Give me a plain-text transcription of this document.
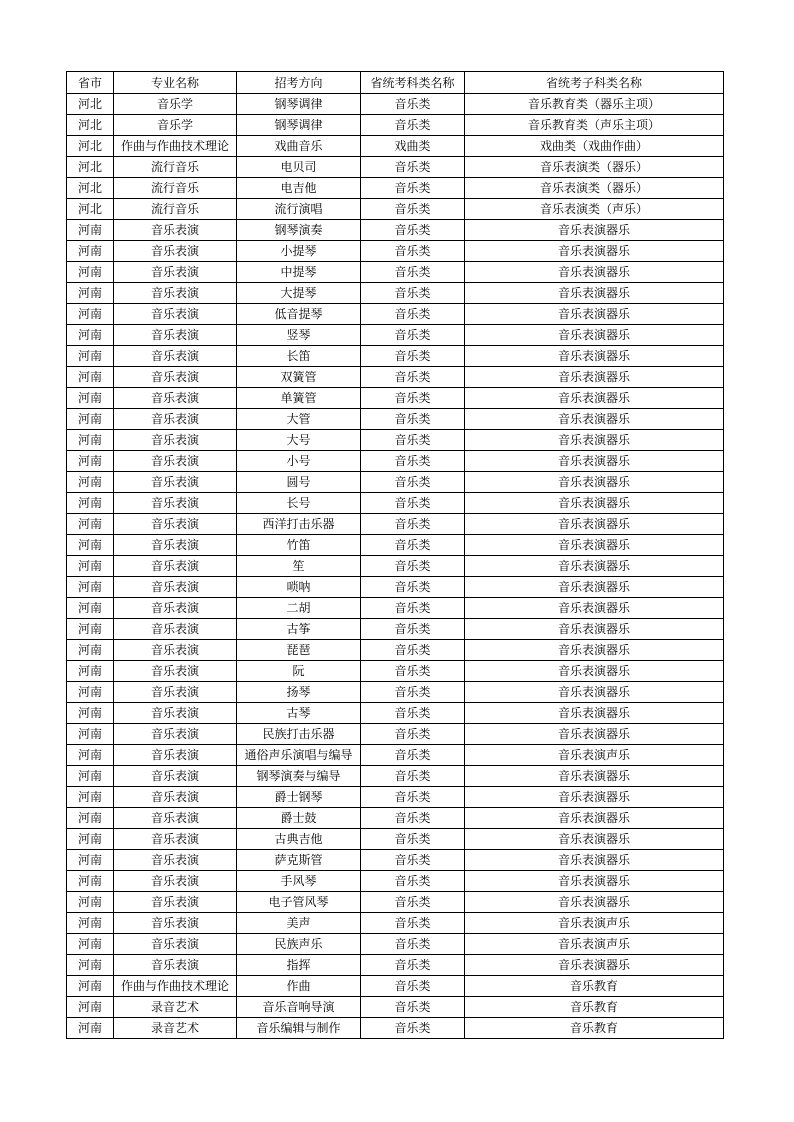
省市	专业名称	招考方向	省统考科类名称	省统考子科类名称
河北	音乐学	钢琴调律	音乐类	音乐教育类（器乐主项）
河北	音乐学	钢琴调律	音乐类	音乐教育类（声乐主项）
河北	作曲与作曲技术理论	戏曲音乐	戏曲类	戏曲类（戏曲作曲）
河北	流行音乐	电贝司	音乐类	音乐表演类（器乐）
河北	流行音乐	电吉他	音乐类	音乐表演类（器乐）
河北	流行音乐	流行演唱	音乐类	音乐表演类（声乐）
河南	音乐表演	钢琴演奏	音乐类	音乐表演器乐
河南	音乐表演	小提琴	音乐类	音乐表演器乐
河南	音乐表演	中提琴	音乐类	音乐表演器乐
河南	音乐表演	大提琴	音乐类	音乐表演器乐
河南	音乐表演	低音提琴	音乐类	音乐表演器乐
河南	音乐表演	竖琴	音乐类	音乐表演器乐
河南	音乐表演	长笛	音乐类	音乐表演器乐
河南	音乐表演	双簧管	音乐类	音乐表演器乐
河南	音乐表演	单簧管	音乐类	音乐表演器乐
河南	音乐表演	大管	音乐类	音乐表演器乐
河南	音乐表演	大号	音乐类	音乐表演器乐
河南	音乐表演	小号	音乐类	音乐表演器乐
河南	音乐表演	圆号	音乐类	音乐表演器乐
河南	音乐表演	长号	音乐类	音乐表演器乐
河南	音乐表演	西洋打击乐器	音乐类	音乐表演器乐
河南	音乐表演	竹笛	音乐类	音乐表演器乐
河南	音乐表演	笙	音乐类	音乐表演器乐
河南	音乐表演	唢呐	音乐类	音乐表演器乐
河南	音乐表演	二胡	音乐类	音乐表演器乐
河南	音乐表演	古筝	音乐类	音乐表演器乐
河南	音乐表演	琵琶	音乐类	音乐表演器乐
河南	音乐表演	阮	音乐类	音乐表演器乐
河南	音乐表演	扬琴	音乐类	音乐表演器乐
河南	音乐表演	古琴	音乐类	音乐表演器乐
河南	音乐表演	民族打击乐器	音乐类	音乐表演器乐
河南	音乐表演	通俗声乐演唱与编导	音乐类	音乐表演声乐
河南	音乐表演	钢琴演奏与编导	音乐类	音乐表演器乐
河南	音乐表演	爵士钢琴	音乐类	音乐表演器乐
河南	音乐表演	爵士鼓	音乐类	音乐表演器乐
河南	音乐表演	古典吉他	音乐类	音乐表演器乐
河南	音乐表演	萨克斯管	音乐类	音乐表演器乐
河南	音乐表演	手风琴	音乐类	音乐表演器乐
河南	音乐表演	电子管风琴	音乐类	音乐表演器乐
河南	音乐表演	美声	音乐类	音乐表演声乐
河南	音乐表演	民族声乐	音乐类	音乐表演声乐
河南	音乐表演	指挥	音乐类	音乐表演器乐
河南	作曲与作曲技术理论	作曲	音乐类	音乐教育
河南	录音艺术	音乐音响导演	音乐类	音乐教育
河南	录音艺术	音乐编辑与制作	音乐类	音乐教育
